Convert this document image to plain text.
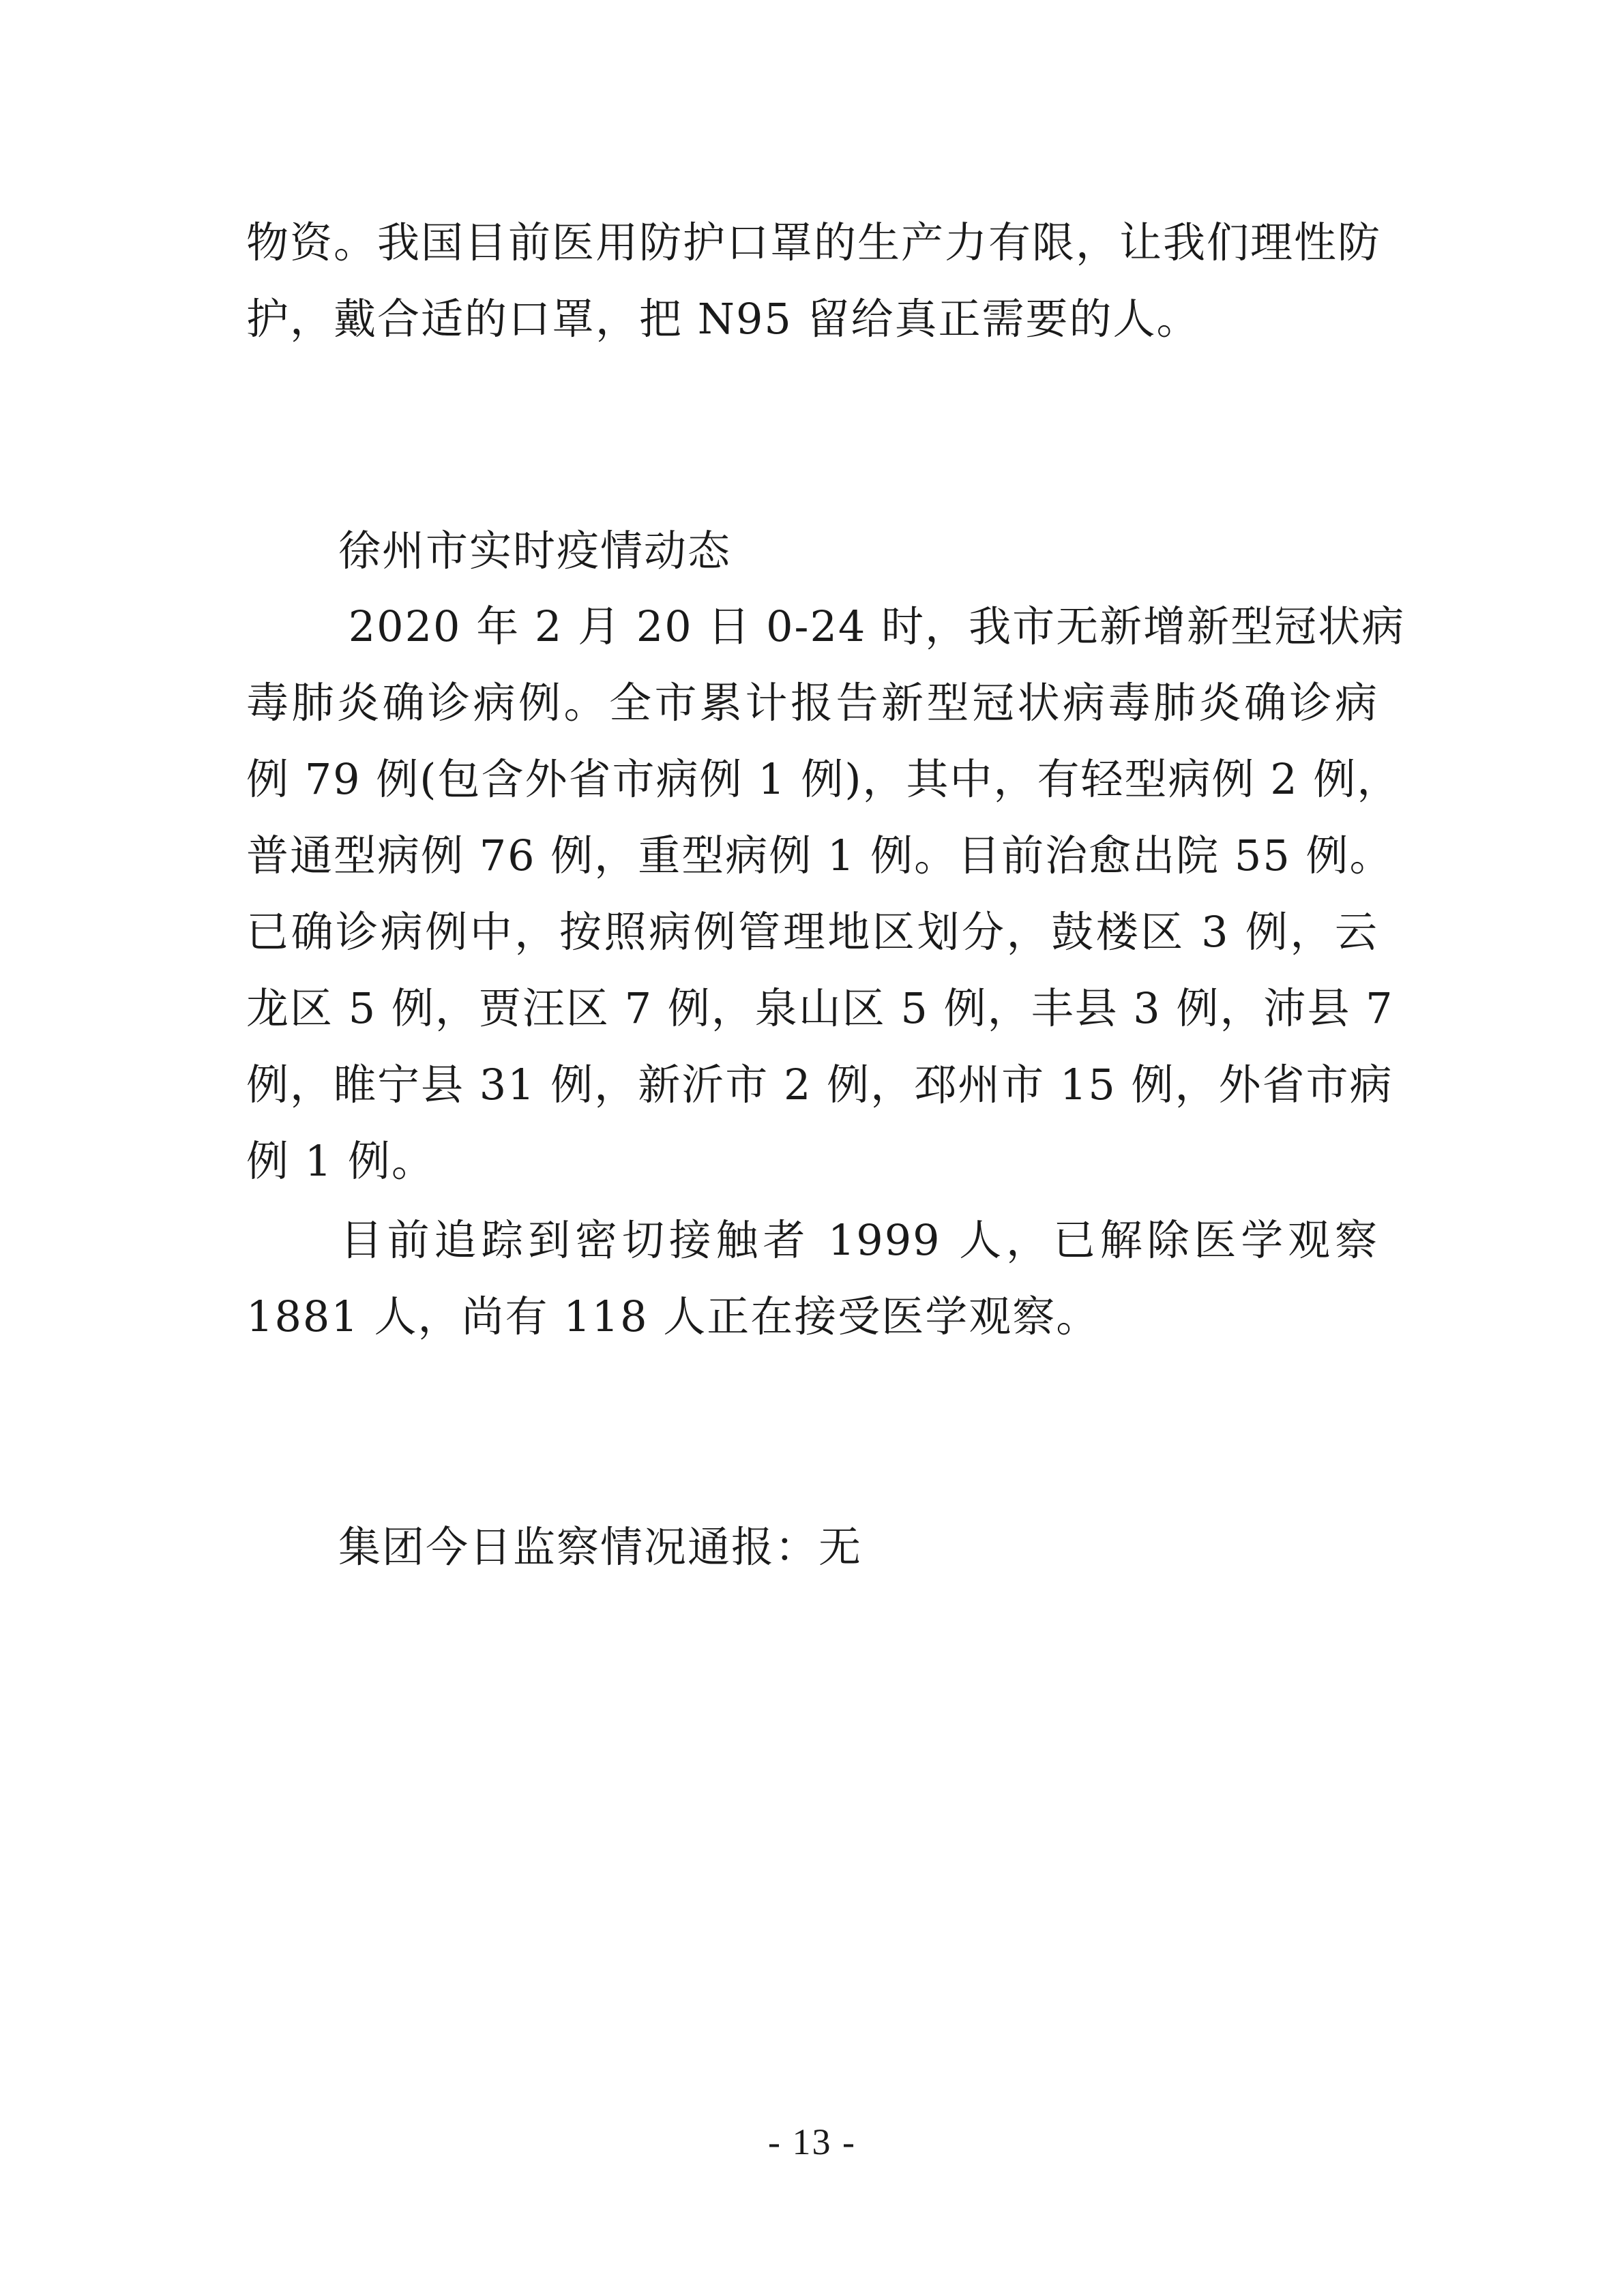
物资。我国目前医用防护口罩的生产力有限，让我们理性防
护，戴合适的口罩，把 N95 留给真正需要的人。
徐州市实时疫情动态
　　 2020 年 2 月 20 日 0-24 时，我市无新增新型冠状病
毒肺炎确诊病例。全市累计报告新型冠状病毒肺炎确诊病
例 79 例(包含外省市病例 1 例)，其中，有轻型病例 2 例，
普通型病例 76 例，重型病例 1 例。目前治愈出院 55 例。
已确诊病例中，按照病例管理地区划分，鼓楼区 3 例，云
龙区 5 例，贾汪区 7 例，泉山区 5 例，丰县 3 例，沛县 7
例，睢宁县 31 例，新沂市 2 例，邳州市 15 例，外省市病
例 1 例。
　　目前追踪到密切接触者 1999 人，已解除医学观察
1881 人，尚有 118 人正在接受医学观察。
集团今日监察情况通报：无
- 13 -
